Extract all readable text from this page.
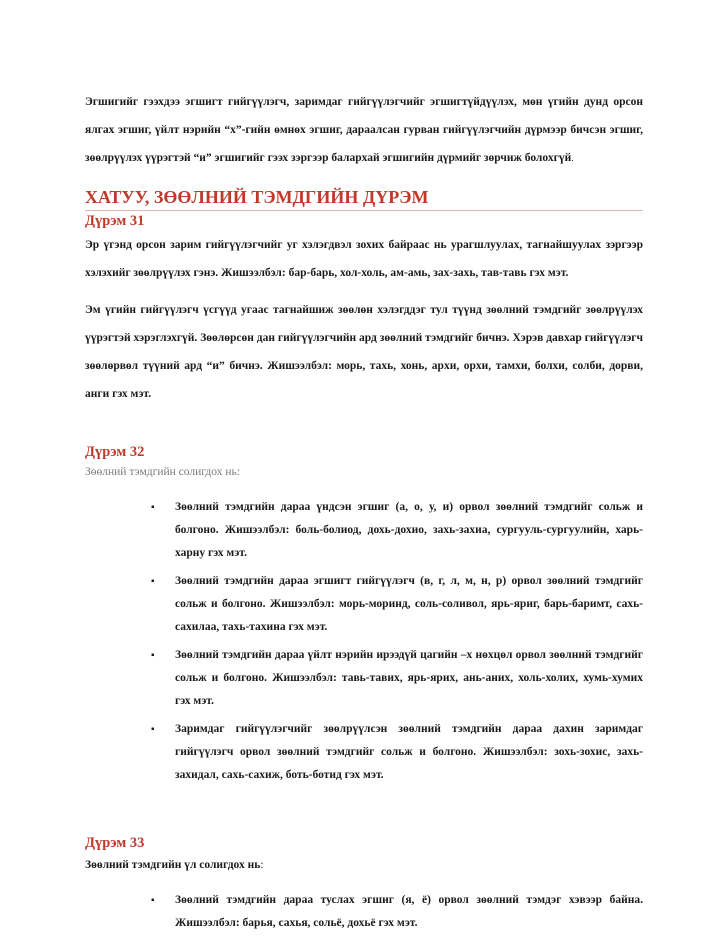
Эгшигийг гээхдээ эгшигт гийгүүлэгч, заримдаг гийгүүлэгчийг эгшигтүйдүүлэх, мөн үгийн дунд орсон ялгах эгшиг, үйлт нэрийн “х”-гийн өмнөх эгшиг, дараалсан гурван гийгүүлэгчийн дүрмээр бичсэн эгшиг, зөөлрүүлэх үүрэгтэй “и” эгшигийг гээх зэргээр балархай эгшигийн дүрмийг зөрчиж болохгүй.

ХАТУУ, ЗӨӨЛНИЙ ТЭМДГИЙН ДҮРЭМ
Дүрэм 31

Эр үгэнд орсон зарим гийгүүлэгчийг уг хэлэгдвэл зохих байраас нь урагшлуулах, тагнайшуулах зэргээр хэлэхийг зөөлрүүлэх гэнэ. Жишээлбэл: бар-барь, хол-холь, ам-амь, зах-захь, тав-тавь гэх мэт.

Эм үгийн гийгүүлэгч үсгүүд угаас тагнайшиж зөөлөн хэлэгддэг тул түүнд зөөлний тэмдгийг зөөлрүүлэх үүрэгтэй хэрэглэхгүй. Зөөлөрсөн дан гийгүүлэгчийн ард зөөлний тэмдгийг бичнэ. Хэрэв давхар гийгүүлэгч зөөлөрвөл түүний ард “и” бичнэ. Жишээлбэл: морь, тахь, хонь, архи, орхи, тамхи, болхи, солби, дорви, анги гэх мэт.

Дүрэм 32

Зөөлний тэмдгийн солигдох нь:

▪ Зөөлний тэмдгийн дараа үндсэн эгшиг (а, о, у, и) орвол зөөлний тэмдгийг сольж и болгоно. Жишээлбэл: боль-болиод, дохь-дохио, захь-захиа, сургууль-сургуулийн, харь-харну гэх мэт.
▪ Зөөлний тэмдгийн дараа эгшигт гийгүүлэгч (в, г, л, м, н, р) орвол зөөлний тэмдгийг сольж и болгоно. Жишээлбэл: морь-моринд, соль-соливол, ярь-яриг, барь-баримт, сахь-сахилаа, тахь-тахина гэх мэт.
▪ Зөөлний тэмдгийн дараа үйлт нэрийн ирээдүй цагийн –х нөхцөл орвол зөөлний тэмдгийг сольж и болгоно. Жишээлбэл: тавь-тавих, ярь-ярих, ань-аних, холь-холих, хумь-хумих гэх мэт.
▪ Заримдаг гийгүүлэгчийг зөөлрүүлсэн зөөлний тэмдгийн дараа дахин заримдаг гийгүүлэгч орвол зөөлний тэмдгийг сольж и болгоно. Жишээлбэл: зохь-зохис, захь-захидал, сахь-сахиж, боть-ботид гэх мэт.
Дүрэм 33

Зөөлний тэмдгийн үл солигдох нь:

▪ Зөөлний тэмдгийн дараа туслах эгшиг (я, ё) орвол зөөлний тэмдэг хэвээр байна. Жишээлбэл: барья, сахья, сольё, дохьё гэх мэт.
